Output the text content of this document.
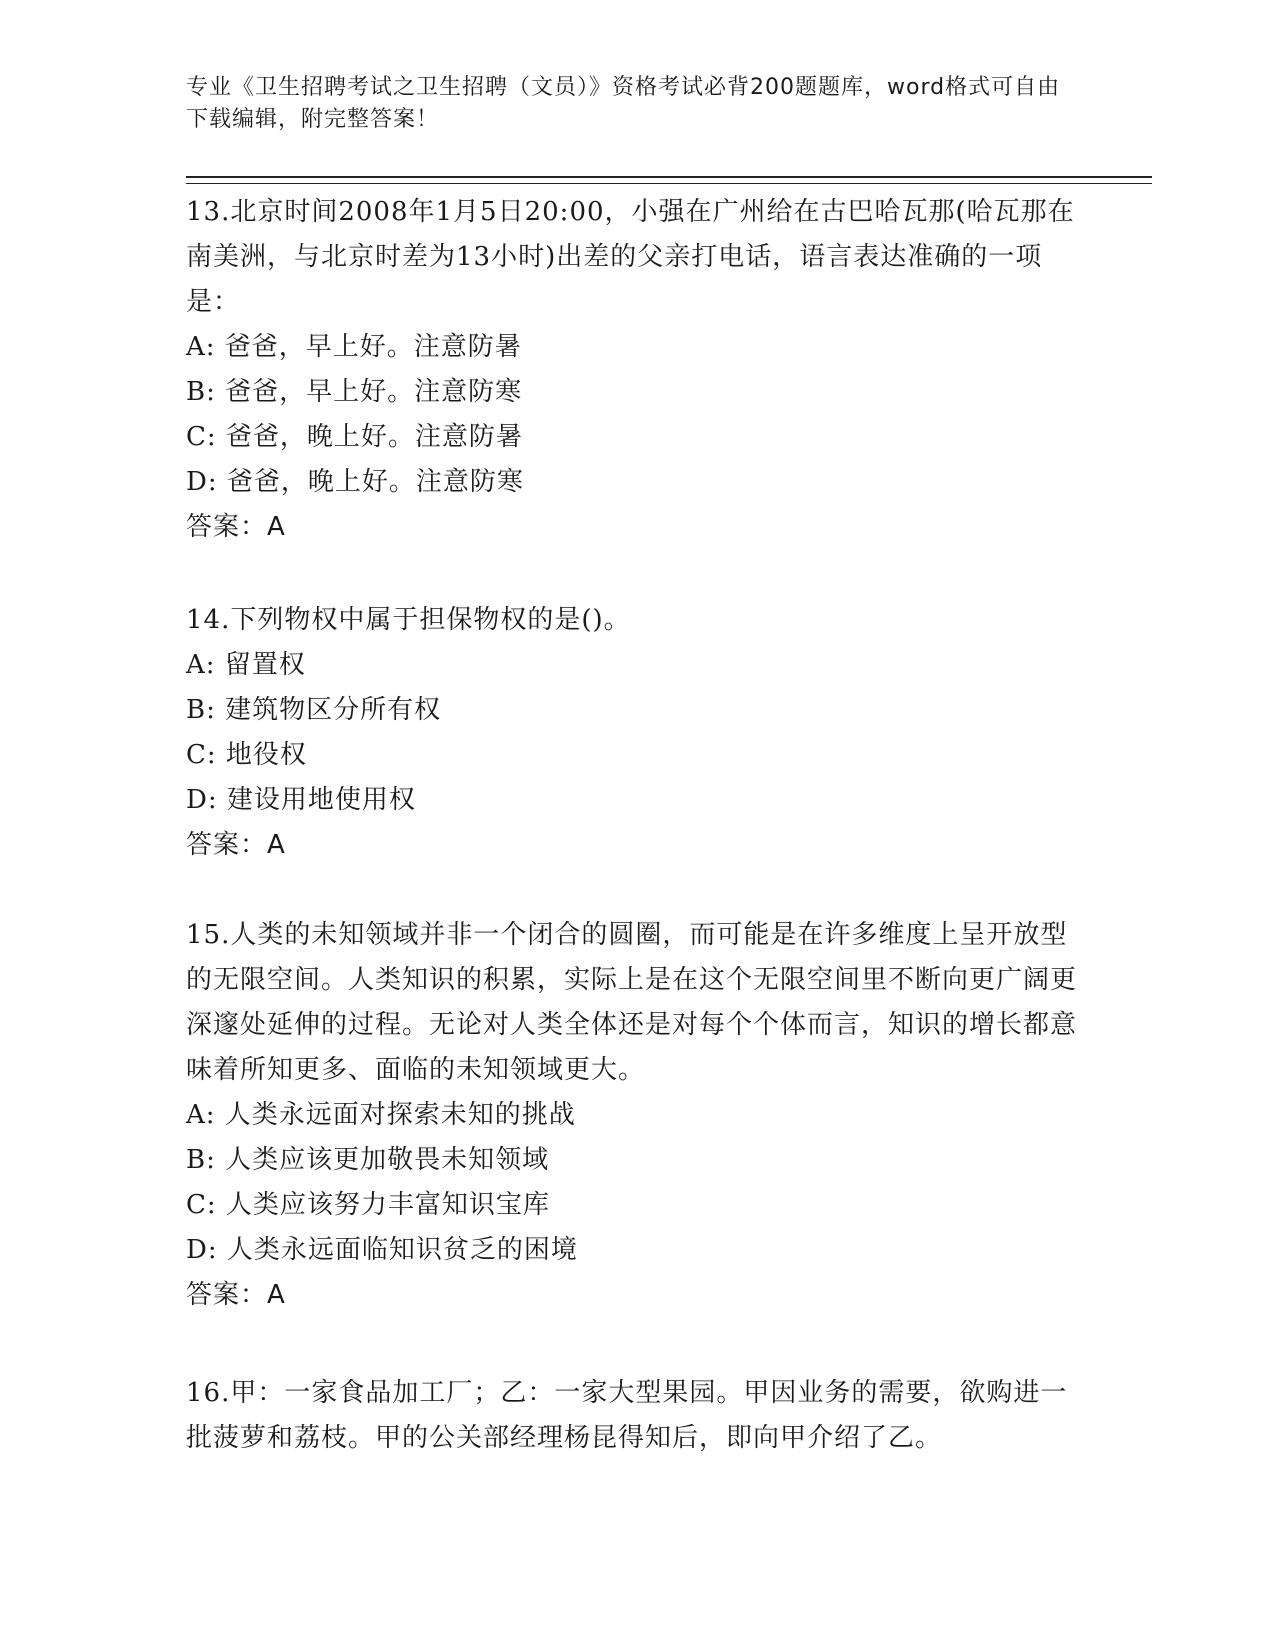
专业《卫生招聘考试之卫生招聘（文员）》资格考试必背200题题库，word格式可自由下载编辑，附完整答案！
13.北京时间2008年1月5日20:00，小强在广州给在古巴哈瓦那(哈瓦那在南美洲，与北京时差为13小时)出差的父亲打电话，语言表达准确的一项是：
A: 爸爸，早上好。注意防暑
B: 爸爸，早上好。注意防寒
C: 爸爸，晚上好。注意防暑
D: 爸爸，晚上好。注意防寒
答案：A
14.下列物权中属于担保物权的是()。
A: 留置权
B: 建筑物区分所有权
C: 地役权
D: 建设用地使用权
答案：A
15.人类的未知领域并非一个闭合的圆圈，而可能是在许多维度上呈开放型的无限空间。人类知识的积累，实际上是在这个无限空间里不断向更广阔更深邃处延伸的过程。无论对人类全体还是对每个个体而言，知识的增长都意味着所知更多、面临的未知领域更大。
A: 人类永远面对探索未知的挑战
B: 人类应该更加敬畏未知领域
C: 人类应该努力丰富知识宝库
D: 人类永远面临知识贫乏的困境
答案：A
16.甲：一家食品加工厂；乙：一家大型果园。甲因业务的需要，欲购进一批菠萝和荔枝。甲的公关部经理杨昆得知后，即向甲介绍了乙。
